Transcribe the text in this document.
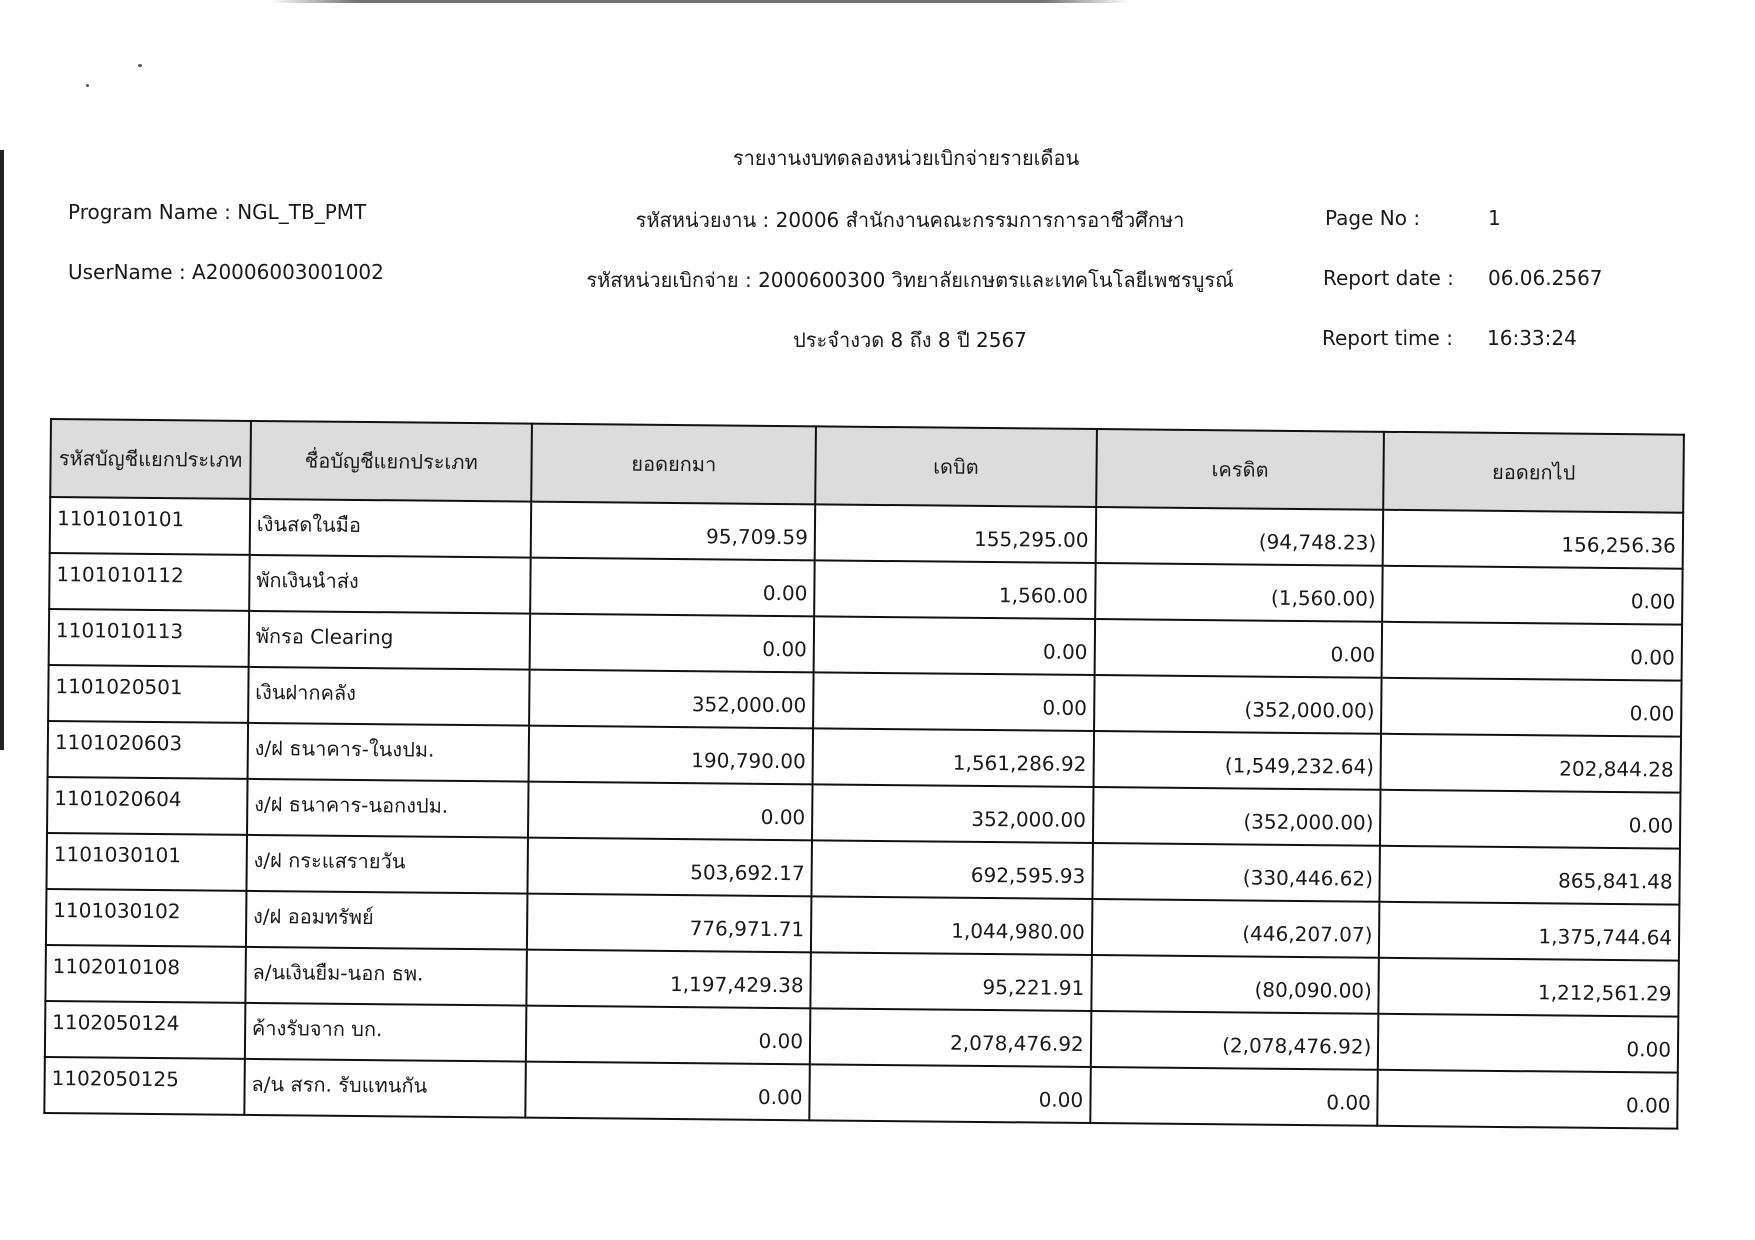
รายงานงบทดลองหน่วยเบิกจ่ายรายเดือน
Program Name : NGL_TB_PMT
UserName : A20006003001002
รหัสหน่วยงาน : 20006 สำนักงานคณะกรรมการการอาชีวศึกษา
รหัสหน่วยเบิกจ่าย : 2000600300 วิทยาลัยเกษตรและเทคโนโลยีเพชรบูรณ์
ประจำงวด 8 ถึง 8 ปี 2567
Page No :	1
Report date : 06.06.2567
Report time : 16:33:24
รหัสบัญชีแยกประเภท	ชื่อบัญชีแยกประเภท	ยอดยกมา	เดบิต	เครดิต	ยอดยกไป
1101010101	เงินสดในมือ	95,709.59	155,295.00	(94,748.23)	156,256.36
1101010112	พักเงินนำส่ง	0.00	1,560.00	(1,560.00)	0.00
1101010113	พักรอ Clearing	0.00	0.00	0.00	0.00
1101020501	เงินฝากคลัง	352,000.00	0.00	(352,000.00)	0.00
1101020603	ง/ฝ ธนาคาร-ในงปม.	190,790.00	1,561,286.92	(1,549,232.64)	202,844.28
1101020604	ง/ฝ ธนาคาร-นอกงปม.	0.00	352,000.00	(352,000.00)	0.00
1101030101	ง/ฝ กระแสรายวัน	503,692.17	692,595.93	(330,446.62)	865,841.48
1101030102	ง/ฝ ออมทรัพย์	776,971.71	1,044,980.00	(446,207.07)	1,375,744.64
1102010108	ล/นเงินยืม-นอก ธพ.	1,197,429.38	95,221.91	(80,090.00)	1,212,561.29
1102050124	ค้างรับจาก บก.	0.00	2,078,476.92	(2,078,476.92)	0.00
1102050125	ล/น สรก. รับแทนกัน	0.00	0.00	0.00	0.00
